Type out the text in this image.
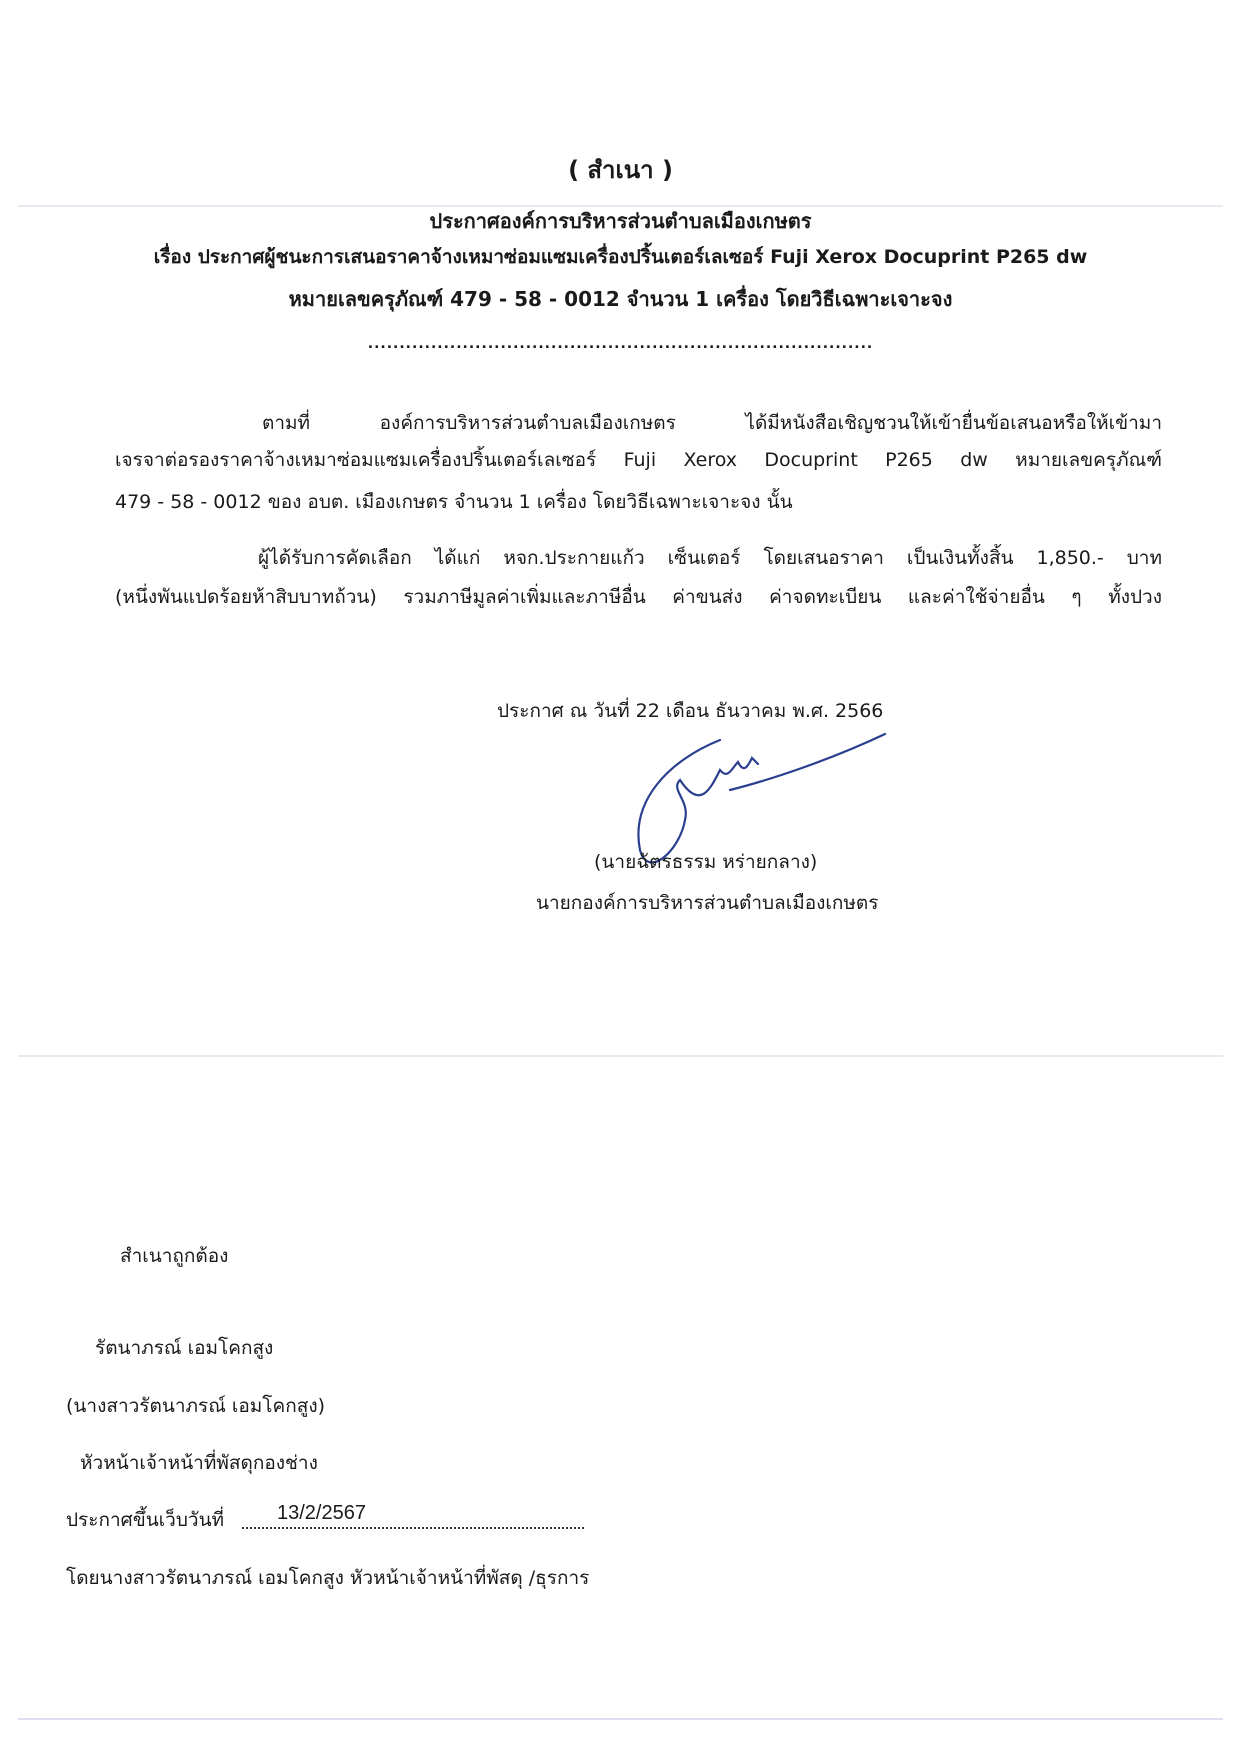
( สำเนา )
ประกาศองค์การบริหารส่วนตำบลเมืองเกษตร
เรื่อง ประกาศผู้ชนะการเสนอราคาจ้างเหมาซ่อมแซมเครื่องปริ้นเตอร์เลเซอร์ Fuji Xerox Docuprint P265 dw
หมายเลขครุภัณฑ์ 479 - 58 - 0012 จำนวน 1 เครื่อง โดยวิธีเฉพาะเจาะจง
................................................................................
ตามที่ องค์การบริหารส่วนตำบลเมืองเกษตร ได้มีหนังสือเชิญชวนให้เข้ายื่นข้อเสนอหรือให้เข้ามา
เจรจาต่อรองราคาจ้างเหมาซ่อมแซมเครื่องปริ้นเตอร์เลเซอร์ Fuji Xerox Docuprint P265 dw หมายเลขครุภัณฑ์
479 - 58 - 0012 ของ อบต. เมืองเกษตร จำนวน 1 เครื่อง โดยวิธีเฉพาะเจาะจง นั้น
ผู้ได้รับการคัดเลือก ได้แก่ หจก.ประกายแก้ว เซ็นเตอร์ โดยเสนอราคา เป็นเงินทั้งสิ้น 1,850.- บาท
(หนึ่งพันแปดร้อยห้าสิบบาทถ้วน) รวมภาษีมูลค่าเพิ่มและภาษีอื่น ค่าขนส่ง ค่าจดทะเบียน และค่าใช้จ่ายอื่น ๆ ทั้งปวง
ประกาศ ณ วันที่ 22 เดือน ธันวาคม พ.ศ. 2566
(นายฉัตรธรรม หร่ายกลาง)
นายกองค์การบริหารส่วนตำบลเมืองเกษตร
สำเนาถูกต้อง
รัตนาภรณ์ เอมโคกสูง
(นางสาวรัตนาภรณ์ เอมโคกสูง)
หัวหน้าเจ้าหน้าที่พัสดุกองช่าง
ประกาศขึ้นเว็บวันที่	13/2/2567
โดยนางสาวรัตนาภรณ์ เอมโคกสูง หัวหน้าเจ้าหน้าที่พัสดุ /ธุรการ
